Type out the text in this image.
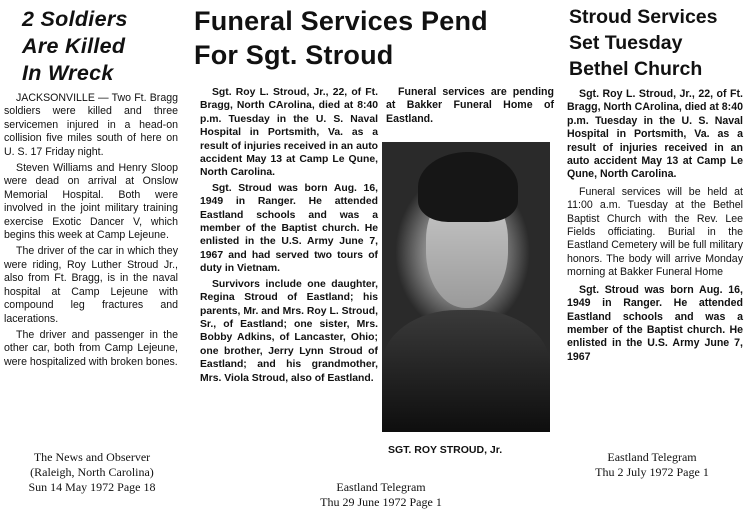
2 Soldiers
Are Killed
In Wreck

JACKSONVILLE — Two Ft. Bragg soldiers were killed and three servicemen injured in a head-on collision five miles south of here on U. S. 17 Friday night.

Steven Williams and Henry Sloop were dead on arrival at Onslow Memorial Hospital. Both were involved in the joint military training exercise Exotic Dancer V, which begins this week at Camp Lejeune.

The driver of the car in which they were riding, Roy Luther Stroud Jr., also from Ft. Bragg, is in the naval hospital at Camp Lejeune with compound leg fractures and lacerations.

The driver and passenger in the other car, both from Camp Lejeune, were hospitalized with broken bones.

The News and Observer
(Raleigh, North Carolina)
Sun 14 May 1972 Page 18
Funeral Services Pend
For Sgt. Stroud

Sgt. Roy L. Stroud, Jr., 22, of Ft. Bragg, North CArolina, died at 8:40 p.m. Tuesday in the U. S. Naval Hospital in Portsmith, Va. as a result of injuries received in an auto accident May 13 at Camp Le Qune, North Carolina.

Sgt. Stroud was born Aug. 16, 1949 in Ranger. He attended Eastland schools and was a member of the Baptist church. He enlisted in the U.S. Army June 7, 1967 and had served two tours of duty in Vietnam.

Survivors include one daughter, Regina Stroud of Eastland; his parents, Mr. and Mrs. Roy L. Stroud, Sr., of Eastland; one sister, Mrs. Bobby Adkins, of Lancaster, Ohio; one brother, Jerry Lynn Stroud of Eastland; and his grandmother, Mrs. Viola Stroud, also of Eastland.

Funeral services are pending at Bakker Funeral Home of Eastland.

SGT. ROY STROUD, Jr.
Eastland Telegram
Thu 29 June 1972 Page 1
Stroud Services
Set Tuesday
Bethel Church

Sgt. Roy L. Stroud, Jr., 22, of Ft. Bragg, North CArolina, died at 8:40 p.m. Tuesday in the U. S. Naval Hospital in Portsmith, Va. as a result of injuries received in an auto accident May 13 at Camp Le Qune, North Carolina.

Funeral services will be held at 11:00 a.m. Tuesday at the Bethel Baptist Church with the Rev. Lee Fields officiating. Burial in the Eastland Cemetery will be full military honors. The body will arrive Monday morning at Bakker Funeral Home

Sgt. Stroud was born Aug. 16, 1949 in Ranger. He attended Eastland schools and was a member of the Baptist church. He enlisted in the U.S. Army June 7, 1967

Eastland Telegram
Thu 2 July 1972 Page 1
